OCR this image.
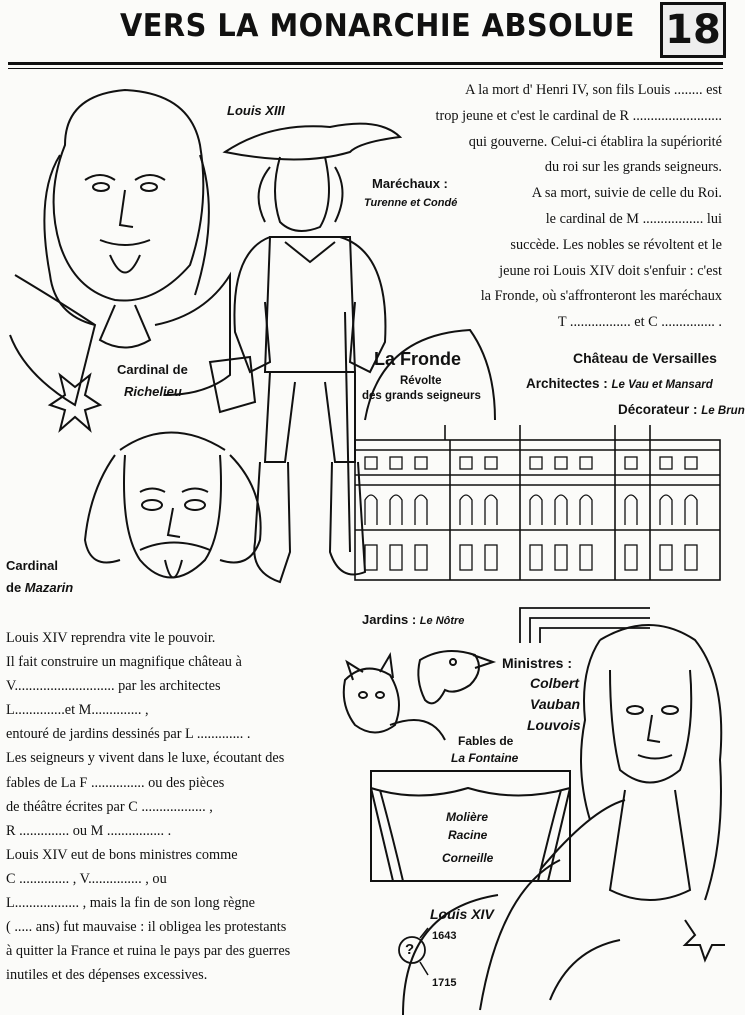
VERS LA MONARCHIE ABSOLUE 18
Louis XIII
Maréchaux :
Turenne et Condé
Cardinal de
Richelieu
Cardinal
de Mazarin
La Fronde
Révolte
des grands seigneurs
Château de Versailles
Architectes : Le Vau et Mansard
Décorateur : Le Brun
Jardins : Le Nôtre
Ministres :
Colbert
Vauban
Louvois
Fables de
La Fontaine
Molière
Racine
Corneille
Louis XIV
1643
?
1715
A la mort d' Henri IV, son fils Louis ........ est
trop jeune et c'est le cardinal de R .........................
qui gouverne. Celui-ci établira la supériorité
du roi sur les grands seigneurs.
A sa mort, suivie de celle du Roi.
le cardinal de M ................. lui
succède. Les nobles se révoltent et le
jeune roi Louis XIV doit s'enfuir : c'est
la Fronde, où s'affronteront les maréchaux
T ................. et C ............... .
Louis XIV reprendra vite le pouvoir.
Il fait construire un magnifique château à
V............................ par les architectes
L..............et M.............. ,
entouré de jardins dessinés par L ............. .
Les seigneurs y vivent dans le luxe, écoutant des
fables de La F ............... ou des pièces
de théâtre écrites par C .................. ,
R .............. ou M ................ .
Louis XIV eut de bons ministres comme
C .............. , V............... , ou
L.................. , mais la fin de son long règne
( ..... ans) fut mauvaise : il obligea les protestants
à quitter la France et ruina le pays par des guerres
inutiles et des dépenses excessives.
